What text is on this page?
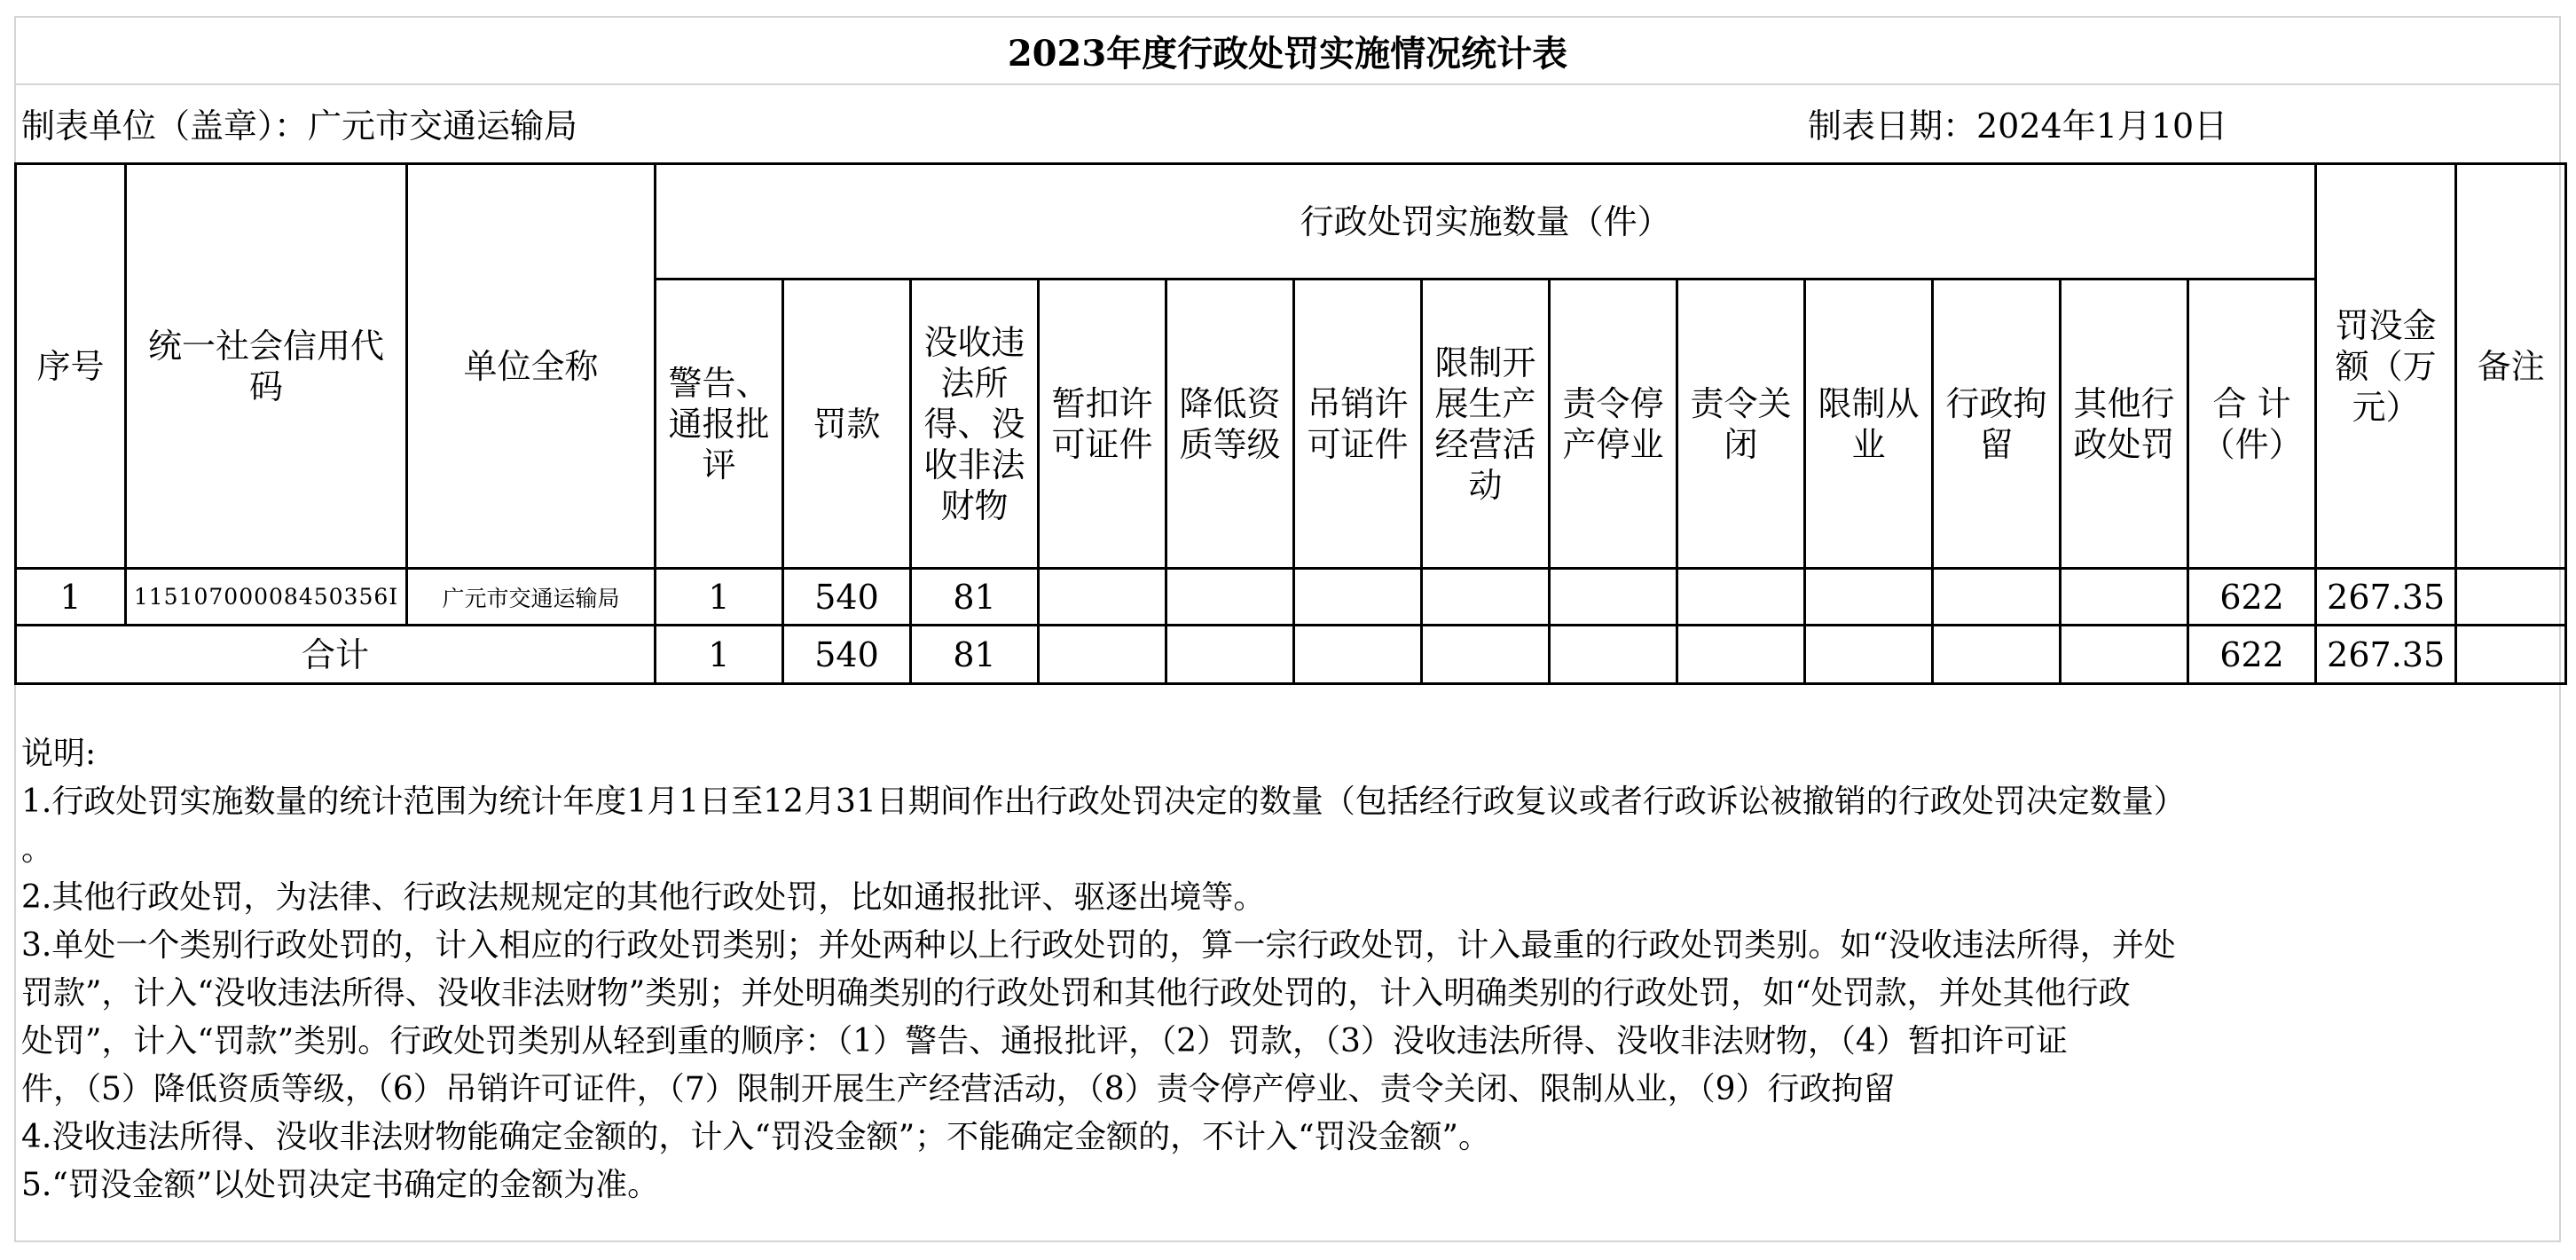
2023年度行政处罚实施情况统计表
制表单位（盖章）：广元市交通运输局	制表日期：2024年1月10日
序号	统一社会信用代码	单位全称	行政处罚实施数量（件）													罚没金额（万元）	备注
			警告、通报批评	罚款	没收违法所得、没收非法财物	暂扣许可证件	降低资质等级	吊销许可证件	限制开展生产经营活动	责令停产停业	责令关闭	限制从业	行政拘留	其他行政处罚	合 计（件）		
1	11510700008450356I	广元市交通运输局	1	540	81										622	267.35	
合计			1	540	81										622	267.35	
说明:
1.行政处罚实施数量的统计范围为统计年度1月1日至12月31日期间作出行政处罚决定的数量（包括经行政复议或者行政诉讼被撤销的行政处罚决定数量）
。
2.其他行政处罚，为法律、行政法规规定的其他行政处罚，比如通报批评、驱逐出境等。
3.单处一个类别行政处罚的，计入相应的行政处罚类别；并处两种以上行政处罚的，算一宗行政处罚，计入最重的行政处罚类别。如“没收违法所得，并处
罚款”，计入“没收违法所得、没收非法财物”类别；并处明确类别的行政处罚和其他行政处罚的，计入明确类别的行政处罚，如“处罚款，并处其他行政
处罚”，计入“罚款”类别。行政处罚类别从轻到重的顺序：（1）警告、通报批评，（2）罚款，（3）没收违法所得、没收非法财物，（4）暂扣许可证
件，（5）降低资质等级，（6）吊销许可证件，（7）限制开展生产经营活动，（8）责令停产停业、责令关闭、限制从业，（9）行政拘留
4.没收违法所得、没收非法财物能确定金额的，计入“罚没金额”；不能确定金额的，不计入“罚没金额”。
5.“罚没金额”以处罚决定书确定的金额为准。
